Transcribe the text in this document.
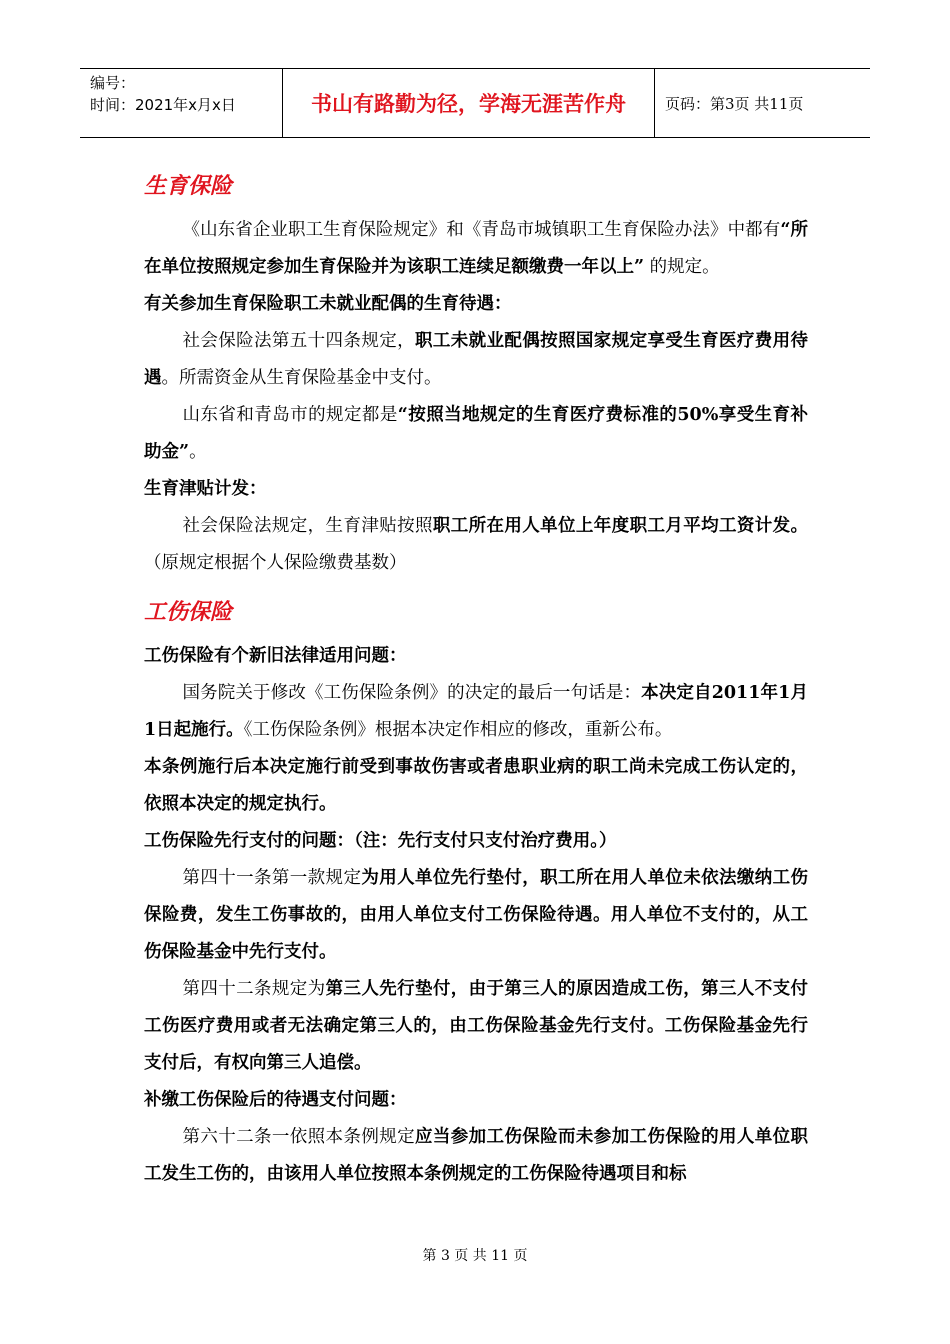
编号：
时间：2021年x月x日	书山有路勤为径，学海无涯苦作舟	页码：第3页 共11页
生育保险

《山东省企业职工生育保险规定》和《青岛市城镇职工生育保险办法》中都有“所在单位按照规定参加生育保险并为该职工连续足额缴费一年以上” 的规定。

有关参加生育保险职工未就业配偶的生育待遇：

社会保险法第五十四条规定，职工未就业配偶按照国家规定享受生育医疗费用待遇。所需资金从生育保险基金中支付。

山东省和青岛市的规定都是“按照当地规定的生育医疗费标准的50%享受生育补助金”。

生育津贴计发：

社会保险法规定，生育津贴按照职工所在用人单位上年度职工月平均工资计发。（原规定根据个人保险缴费基数）

工伤保险

工伤保险有个新旧法律适用问题：

国务院关于修改《工伤保险条例》的决定的最后一句话是：本决定自2011年1月1日起施行。《工伤保险条例》根据本决定作相应的修改，重新公布。

本条例施行后本决定施行前受到事故伤害或者患职业病的职工尚未完成工伤认定的，依照本决定的规定执行。

工伤保险先行支付的问题：（注：先行支付只支付治疗费用。）

第四十一条第一款规定为用人单位先行垫付，职工所在用人单位未依法缴纳工伤保险费，发生工伤事故的，由用人单位支付工伤保险待遇。用人单位不支付的，从工伤保险基金中先行支付。

第四十二条规定为第三人先行垫付，由于第三人的原因造成工伤，第三人不支付工伤医疗费用或者无法确定第三人的，由工伤保险基金先行支付。工伤保险基金先行支付后，有权向第三人追偿。

补缴工伤保险后的待遇支付问题：

第六十二条一依照本条例规定应当参加工伤保险而未参加工伤保险的用人单位职工发生工伤的，由该用人单位按照本条例规定的工伤保险待遇项目和标

第 3 页 共 11 页
